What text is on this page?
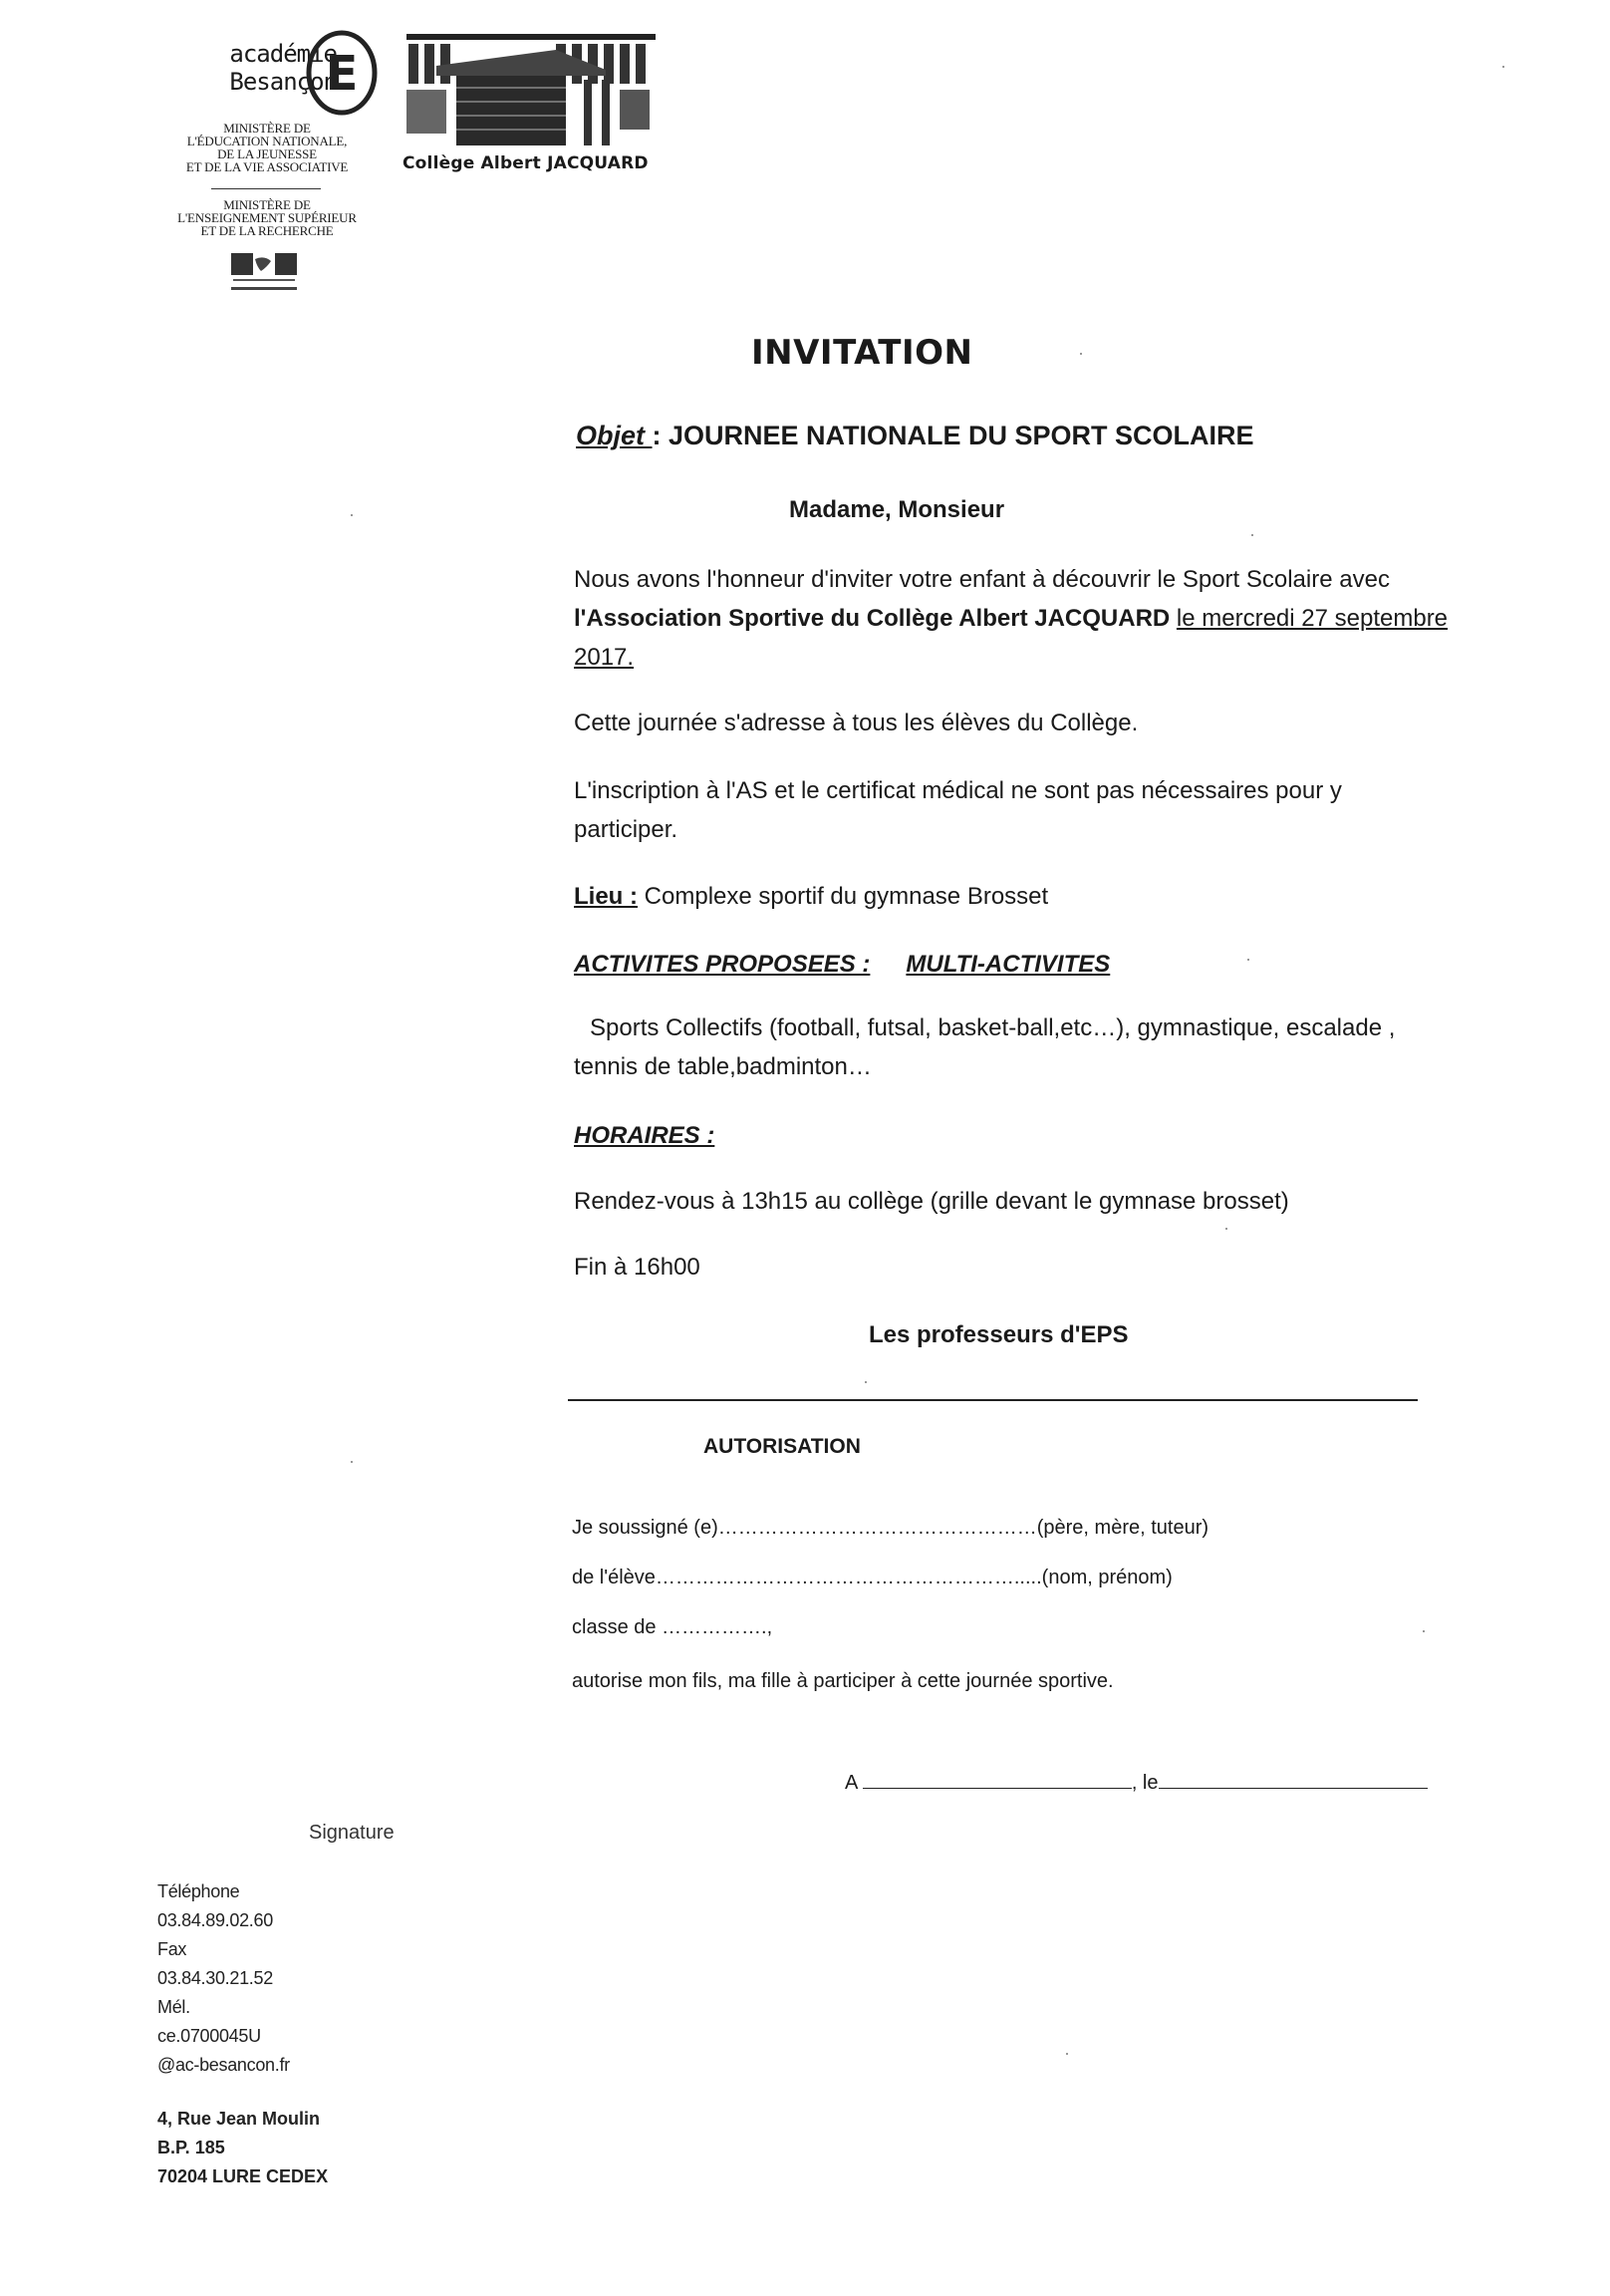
académie
Besançon
E
MINISTÈRE DE
L'ÉDUCATION NATIONALE,
DE LA JEUNESSE
ET DE LA VIE ASSOCIATIVE
MINISTÈRE DE
L'ENSEIGNEMENT SUPÉRIEUR
ET DE LA RECHERCHE
Collège Albert JACQUARD
INVITATION
Objet : JOURNEE NATIONALE DU SPORT SCOLAIRE
Madame, Monsieur
Nous avons l'honneur d'inviter votre enfant à découvrir le Sport Scolaire avec l'Association Sportive du Collège Albert JACQUARD le mercredi 27 septembre 2017.
Cette journée s'adresse à tous les élèves du Collège.
L'inscription à l'AS et le certificat médical ne sont pas nécessaires pour y participer.
Lieu : Complexe sportif du gymnase Brosset
ACTIVITES PROPOSEES : MULTI-ACTIVITES
Sports Collectifs (football, futsal, basket-ball,etc…), gymnastique, escalade , tennis de table,badminton…
HORAIRES :
Rendez-vous à 13h15 au collège (grille devant le gymnase brosset)
Fin à 16h00
Les professeurs d'EPS
AUTORISATION
Je soussigné (e)…………………………………………(père, mère, tuteur)
de l'élève……………………………………………….....(nom, prénom)
classe de …………….,
autorise mon fils, ma fille à participer à cette journée sportive.
A	, le
Signature
Téléphone
03.84.89.02.60
Fax
03.84.30.21.52
Mél.
ce.0700045U
@ac-besancon.fr
4, Rue Jean Moulin
B.P. 185
70204 LURE CEDEX
